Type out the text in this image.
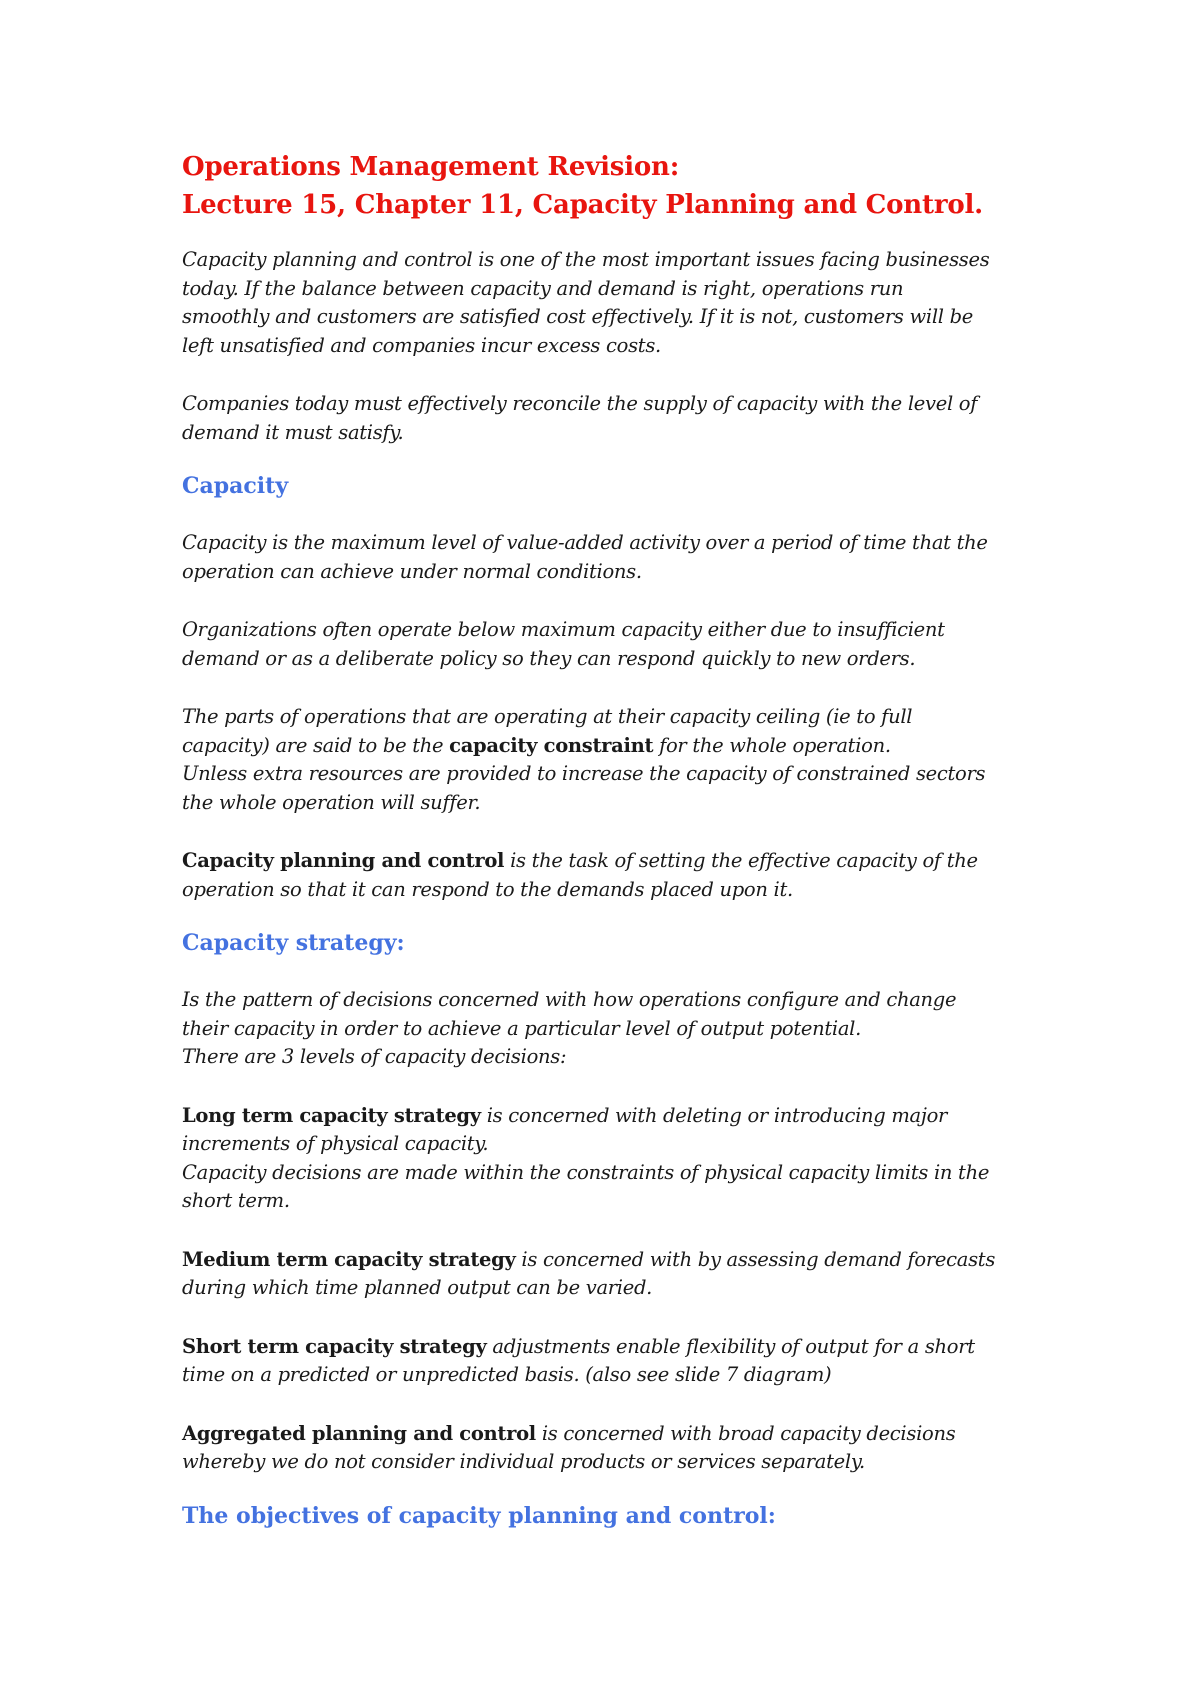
Operations Management Revision:
Lecture 15, Chapter 11, Capacity Planning and Control.

Capacity planning and control is one of the most important issues facing businesses
today. If the balance between capacity and demand is right, operations run
smoothly and customers are satisfied cost effectively. If it is not, customers will be
left unsatisfied and companies incur excess costs.

Companies today must effectively reconcile the supply of capacity with the level of
demand it must satisfy.

Capacity

Capacity is the maximum level of value-added activity over a period of time that the
operation can achieve under normal conditions.

Organizations often operate below maximum capacity either due to insufficient
demand or as a deliberate policy so they can respond quickly to new orders.

The parts of operations that are operating at their capacity ceiling (ie to full
capacity) are said to be the capacity constraint for the whole operation.
Unless extra resources are provided to increase the capacity of constrained sectors
the whole operation will suffer.

Capacity planning and control is the task of setting the effective capacity of the
operation so that it can respond to the demands placed upon it.

Capacity strategy:

Is the pattern of decisions concerned with how operations configure and change
their capacity in order to achieve a particular level of output potential.
There are 3 levels of capacity decisions:

Long term capacity strategy is concerned with deleting or introducing major
increments of physical capacity.
Capacity decisions are made within the constraints of physical capacity limits in the
short term.

Medium term capacity strategy is concerned with by assessing demand forecasts
during which time planned output can be varied.

Short term capacity strategy adjustments enable flexibility of output for a short
time on a predicted or unpredicted basis. (also see slide 7 diagram)

Aggregated planning and control is concerned with broad capacity decisions
whereby we do not consider individual products or services separately.

The objectives of capacity planning and control:
